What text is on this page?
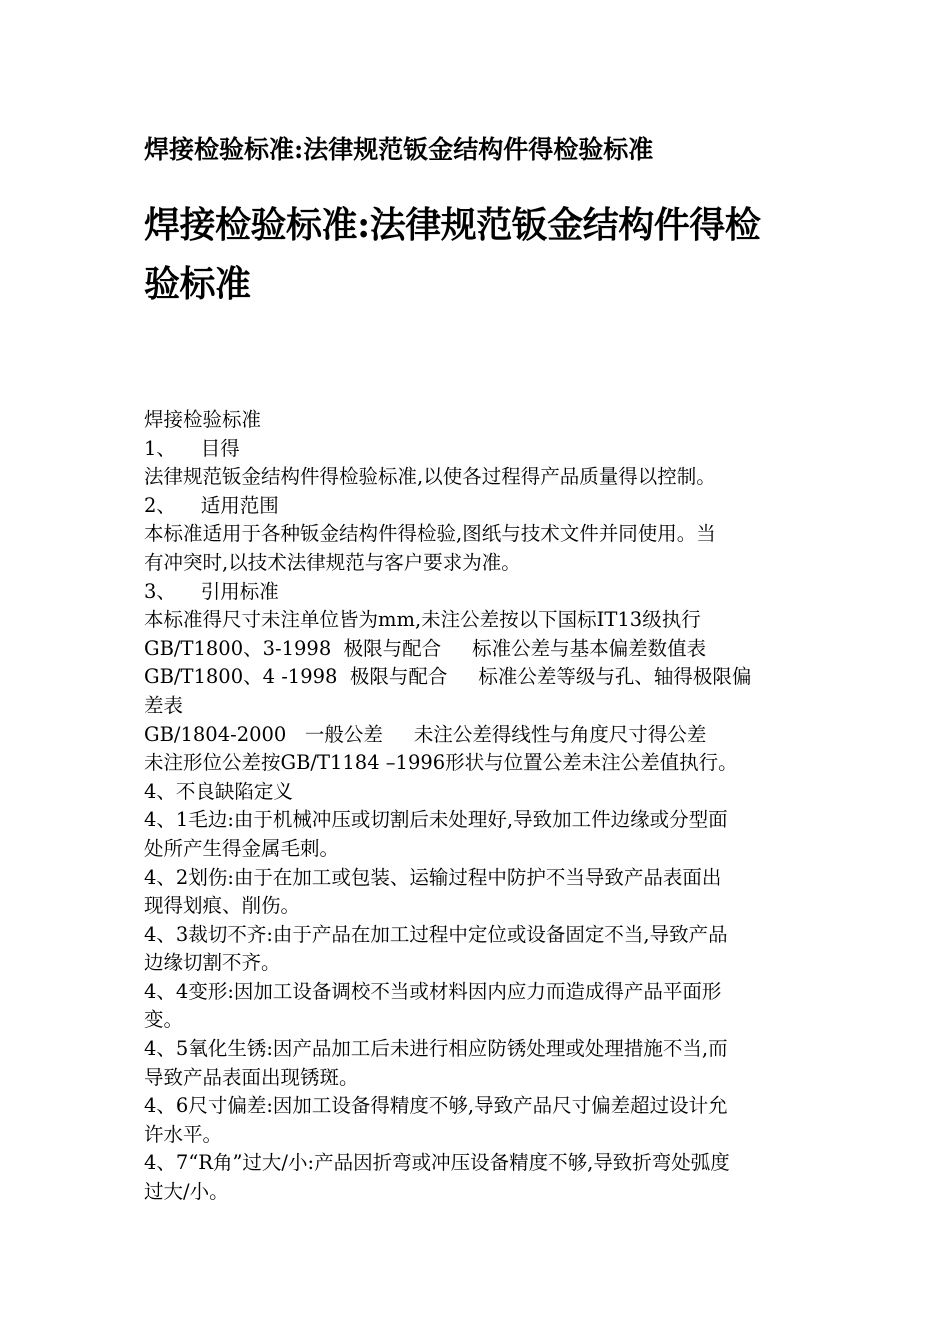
焊接检验标准:法律规范钣金结构件得检验标准
焊接检验标准:法律规范钣金结构件得检
验标准

焊接检验标准

1、    目得

法律规范钣金结构件得检验标准,以使各过程得产品质量得以控制。

2、    适用范围

本标准适用于各种钣金结构件得检验,图纸与技术文件并同使用。当

有冲突时,以技术法律规范与客户要求为准。

3、    引用标准

本标准得尺寸未注单位皆为mm,未注公差按以下国标IT13级执行

GB/T1800、3-1998  极限与配合     标准公差与基本偏差数值表

GB/T1800、4 -1998  极限与配合     标准公差等级与孔、轴得极限偏

差表

GB/1804-2000   一般公差     未注公差得线性与角度尺寸得公差

未注形位公差按GB/T1184 –1996形状与位置公差未注公差值执行。

4、不良缺陷定义

4、1毛边:由于机械冲压或切割后未处理好,导致加工件边缘或分型面

处所产生得金属毛刺。

4、2划伤:由于在加工或包装、运输过程中防护不当导致产品表面出

现得划痕、削伤。

4、3裁切不齐:由于产品在加工过程中定位或设备固定不当,导致产品

边缘切割不齐。

4、4变形:因加工设备调校不当或材料因内应力而造成得产品平面形

变。

4、5氧化生锈:因产品加工后未进行相应防锈处理或处理措施不当,而

导致产品表面出现锈斑。

4、6尺寸偏差:因加工设备得精度不够,导致产品尺寸偏差超过设计允

许水平。

4、7“R角”过大/小:产品因折弯或冲压设备精度不够,导致折弯处弧度

过大/小。
